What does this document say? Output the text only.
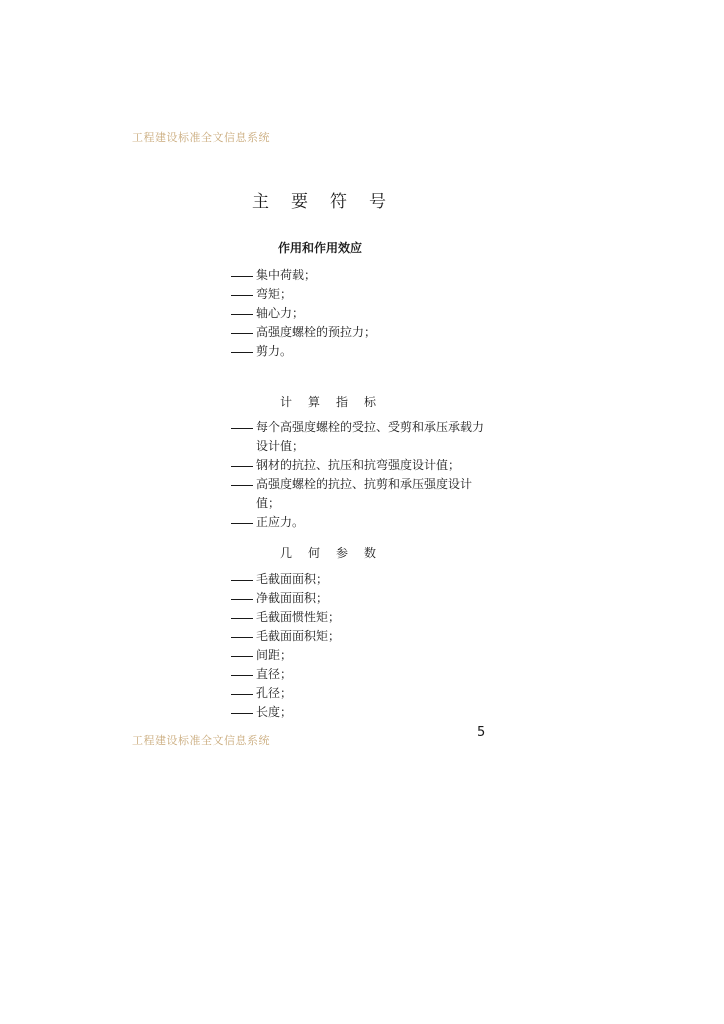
工程建设标准全文信息系统
主要符号
作用和作用效应
集中荷载；
弯矩；
轴心力；
高强度螺栓的预拉力；
剪力。
计算指标
每个高强度螺栓的受拉、受剪和承压承载力
设计值；
钢材的抗拉、抗压和抗弯强度设计值；
高强度螺栓的抗拉、抗剪和承压强度设计
值；
正应力。
几何参数
毛截面面积；
净截面面积；
毛截面惯性矩；
毛截面面积矩；
间距；
直径；
孔径；
长度；
工程建设标准全文信息系统
5
